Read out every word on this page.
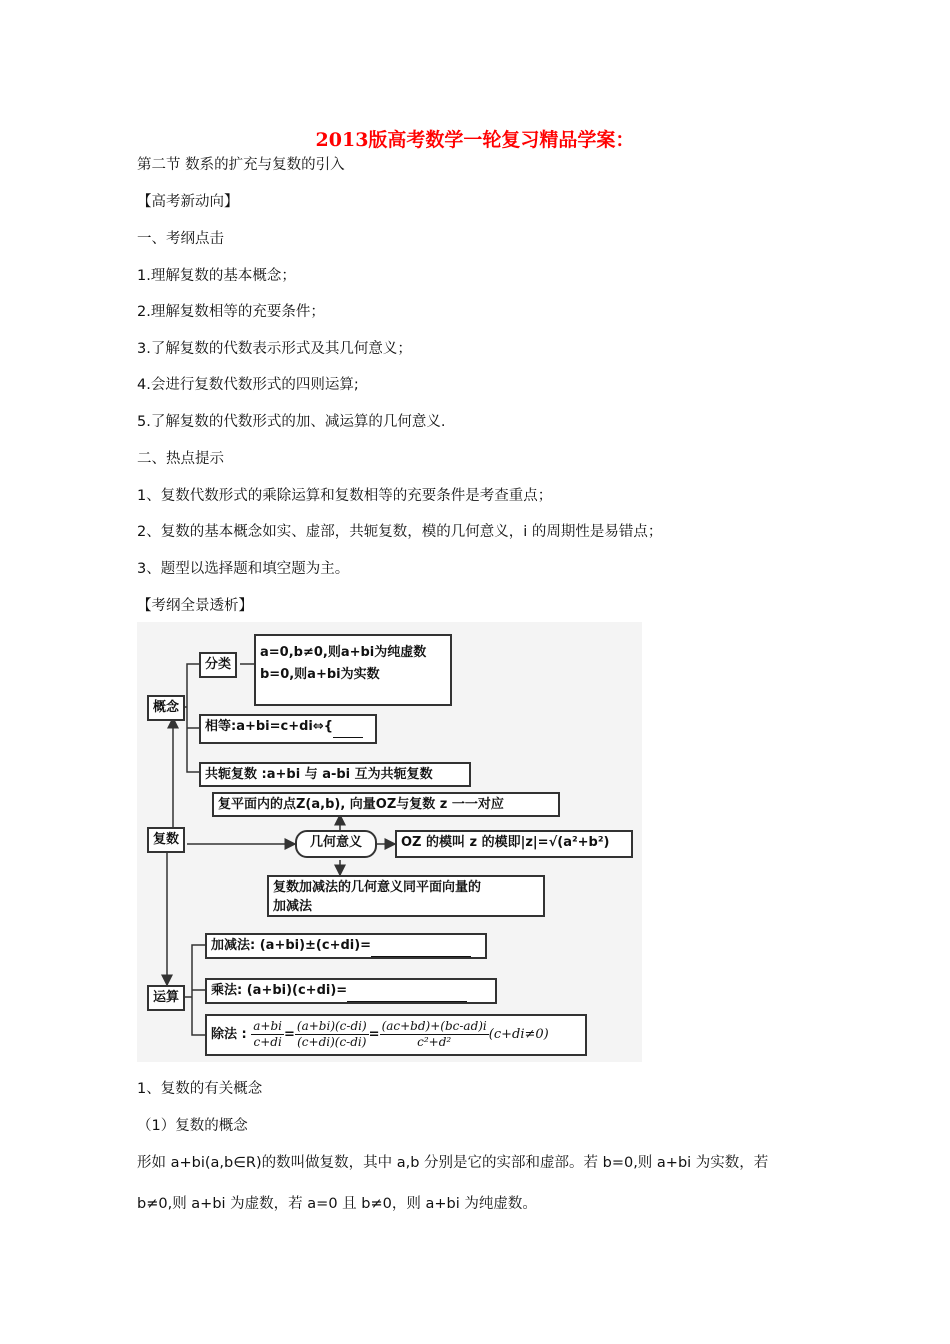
2013版高考数学一轮复习精品学案：
第二节 数系的扩充与复数的引入
【高考新动向】
一、考纲点击
1.理解复数的基本概念；
2.理解复数相等的充要条件；
3.了解复数的代数表示形式及其几何意义；
4.会进行复数代数形式的四则运算;
5.了解复数的代数形式的加、减运算的几何意义.
二、热点提示
1、复数代数形式的乘除运算和复数相等的充要条件是考查重点；
2、复数的基本概念如实、虚部，共轭复数，模的几何意义，i 的周期性是易错点；
3、题型以选择题和填空题为主。
【考纲全景透析】
分类
a=0,b≠0,则a+bi为纯虚数
b=0,则a+bi为实数
概念
相等:a+bi=c+di⇔{
共轭复数 :a+bi 与 a-bi 互为共轭复数
复平面内的点Z(a,b), 向量OZ与复数 z 一一对应
复数	几何意义	OZ 的模叫 z 的模即|z|=√(a²+b²)
复数加减法的几何意义同平面向量的
加减法
加减法: (a+bi)±(c+di)=
运算	乘法: (a+bi)(c+di)=
除法 : $\frac{a+bi}{c+di} = \frac{(a+bi)(c-di)}{(c+di)(c-di)} = \frac{(ac+bd)+(bc-ad)i}{\text{c²+d²}} (c+di\ne 0)$
1、复数的有关概念
（1）复数的概念
形如 a+bi(a,b∈R)的数叫做复数，其中 a,b 分别是它的实部和虚部。若 b=0,则 a+bi 为实数，若
b≠0,则 a+bi 为虚数，若 a=0 且 b≠0，则 a+bi 为纯虚数。
